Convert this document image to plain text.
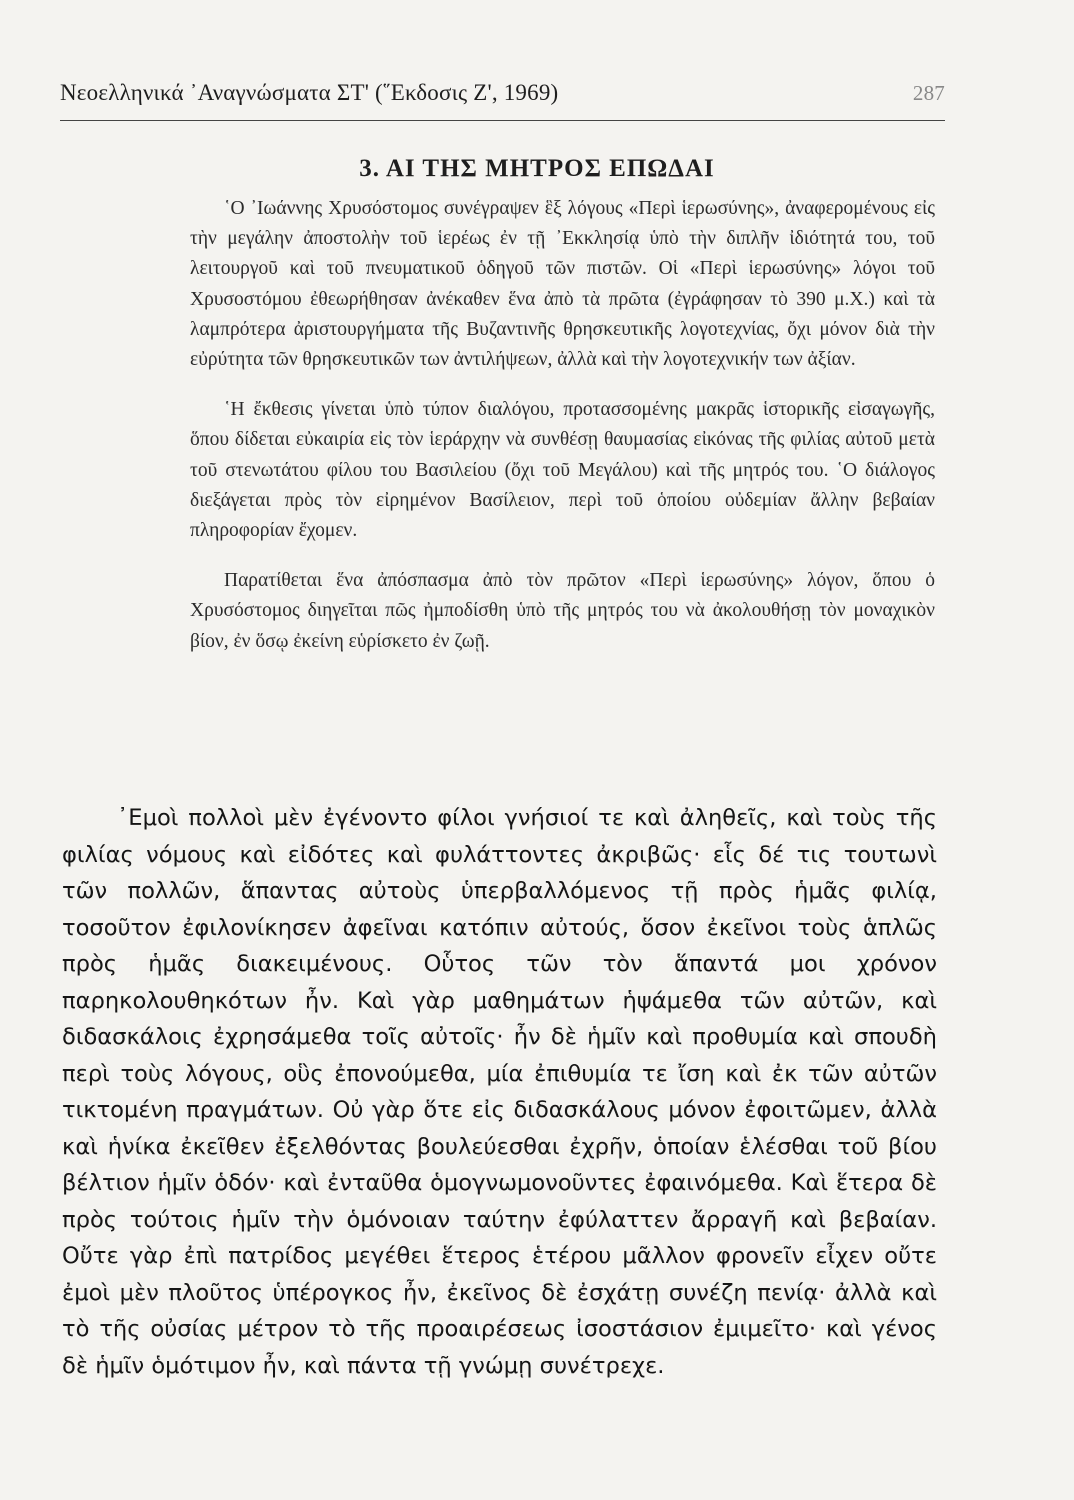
Νεοελληνικά ᾿Αναγνώσματα ΣΤ' (῞Εκδοσις Ζ', 1969)	287
3. ΑΙ ΤΗΣ ΜΗΤΡΟΣ ΕΠΩΔΑΙ

῾Ο ᾿Ιωάννης Χρυσόστομος συνέγραψεν ἓξ λόγους «Περὶ ἱερωσύνης», ἀναφερομένους εἰς τὴν μεγάλην ἀποστολὴν τοῦ ἱερέως ἐν τῇ ᾿Εκκλησίᾳ ὑπὸ τὴν διπλῆν ἰδιότητά του, τοῦ λειτουργοῦ καὶ τοῦ πνευματικοῦ ὁδηγοῦ τῶν πιστῶν. Οἱ «Περὶ ἱερωσύνης» λόγοι τοῦ Χρυσοστόμου ἐθεωρήθησαν ἀνέκαθεν ἕνα ἀπὸ τὰ πρῶτα (ἐγράφησαν τὸ 390 μ.Χ.) καὶ τὰ λαμπρότερα ἀριστουργήματα τῆς Βυζαντινῆς θρησκευτικῆς λογοτεχνίας, ὄχι μόνον διὰ τὴν εὐρύτητα τῶν θρησκευτικῶν των ἀντιλήψεων, ἀλλὰ καὶ τὴν λογοτεχνικήν των ἀξίαν.

῾Η ἔκθεσις γίνεται ὑπὸ τύπον διαλόγου, προτασσομένης μακρᾶς ἱστορικῆς εἰσαγωγῆς, ὅπου δίδεται εὐκαιρία εἰς τὸν ἱεράρχην νὰ συνθέσῃ θαυμασίας εἰκόνας τῆς φιλίας αὐτοῦ μετὰ τοῦ στενωτάτου φίλου του Βασιλείου (ὄχι τοῦ Μεγάλου) καὶ τῆς μητρός του. ῾Ο διάλογος διεξάγεται πρὸς τὸν εἰρημένον Βασίλειον, περὶ τοῦ ὁποίου οὐδεμίαν ἄλλην βεβαίαν πληροφορίαν ἔχομεν.

Παρατίθεται ἕνα ἀπόσπασμα ἀπὸ τὸν πρῶτον «Περὶ ἱερωσύνης» λόγον, ὅπου ὁ Χρυσόστομος διηγεῖται πῶς ἠμποδίσθη ὑπὸ τῆς μητρός του νὰ ἀκολουθήσῃ τὸν μοναχικὸν βίον, ἐν ὅσῳ ἐκείνη εὑρίσκετο ἐν ζωῇ.

᾿Εμοὶ πολλοὶ μὲν ἐγένοντο φίλοι γνήσιοί τε καὶ ἀληθεῖς, καὶ τοὺς τῆς φιλίας νόμους καὶ εἰδότες καὶ φυλάττοντες ἀκριβῶς· εἷς δέ τις τουτωνὶ τῶν πολλῶν, ἅπαντας αὐτοὺς ὑπερβαλλόμενος τῇ πρὸς ἡμᾶς φιλίᾳ, τοσοῦτον ἐφιλονίκησεν ἀφεῖναι κατόπιν αὐτούς, ὅσον ἐκεῖνοι τοὺς ἁπλῶς πρὸς ἡμᾶς διακειμένους. Οὗτος τῶν τὸν ἅπαντά μοι χρόνον παρηκολουθηκότων ἦν. Καὶ γὰρ μαθημάτων ἡψάμεθα τῶν αὐτῶν, καὶ διδασκάλοις ἐχρησάμεθα τοῖς αὐτοῖς· ἦν δὲ ἡμῖν καὶ προθυμία καὶ σπουδὴ περὶ τοὺς λόγους, οὓς ἐπονούμεθα, μία ἐπιθυμία τε ἴση καὶ ἐκ τῶν αὐτῶν τικτομένη πραγμάτων. Οὐ γὰρ ὅτε εἰς διδασκάλους μόνον ἐφοιτῶμεν, ἀλλὰ καὶ ἡνίκα ἐκεῖθεν ἐξελθόντας βουλεύεσθαι ἐχρῆν, ὁποίαν ἑλέσθαι τοῦ βίου βέλτιον ἡμῖν ὁδόν· καὶ ἐνταῦθα ὁμογνωμονοῦντες ἐφαινόμεθα. Καὶ ἕτερα δὲ πρὸς τούτοις ἡμῖν τὴν ὁμόνοιαν ταύτην ἐφύλαττεν ἄρραγῆ καὶ βεβαίαν. Οὔτε γὰρ ἐπὶ πατρίδος μεγέθει ἕτερος ἑτέρου μᾶλλον φρονεῖν εἶχεν οὔτε ἐμοὶ μὲν πλοῦτος ὑπέρογκος ἦν, ἐκεῖνος δὲ ἐσχάτῃ συνέζη πενίᾳ· ἀλλὰ καὶ τὸ τῆς οὐσίας μέτρον τὸ τῆς προαιρέσεως ἰσοστάσιον ἐμιμεῖτο· καὶ γένος δὲ ἡμῖν ὁμότιμον ἦν, καὶ πάντα τῇ γνώμῃ συνέτρεχε.
